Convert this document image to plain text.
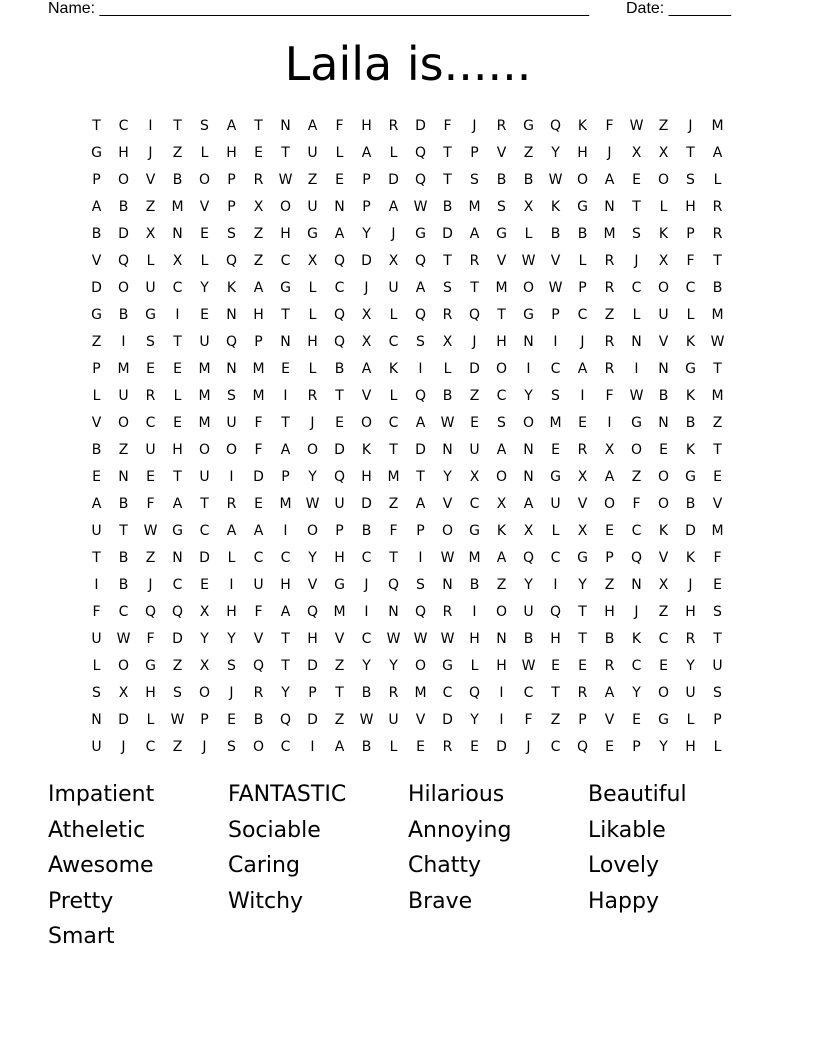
Name: _______________________________________________________ Date: _______
Laila is......
T	C	I	T	S	A	T	N	A	F	H	R	D	F	J	R	G	Q	K	F	W	Z	J	M
G	H	J	Z	L	H	E	T	U	L	A	L	Q	T	P	V	Z	Y	H	J	X	X	T	A
P	O	V	B	O	P	R	W	Z	E	P	D	Q	T	S	B	B	W	O	A	E	O	S	L
A	B	Z	M	V	P	X	O	U	N	P	A	W	B	M	S	X	K	G	N	T	L	H	R
B	D	X	N	E	S	Z	H	G	A	Y	J	G	D	A	G	L	B	B	M	S	K	P	R
V	Q	L	X	L	Q	Z	C	X	Q	D	X	Q	T	R	V	W	V	L	R	J	X	F	T
D	O	U	C	Y	K	A	G	L	C	J	U	A	S	T	M	O	W	P	R	C	O	C	B
G	B	G	I	E	N	H	T	L	Q	X	L	Q	R	Q	T	G	P	C	Z	L	U	L	M
Z	I	S	T	U	Q	P	N	H	Q	X	C	S	X	J	H	N	I	J	R	N	V	K	W
P	M	E	E	M	N	M	E	L	B	A	K	I	L	D	O	I	C	A	R	I	N	G	T
L	U	R	L	M	S	M	I	R	T	V	L	Q	B	Z	C	Y	S	I	F	W	B	K	M
V	O	C	E	M	U	F	T	J	E	O	C	A	W	E	S	O	M	E	I	G	N	B	Z
B	Z	U	H	O	O	F	A	O	D	K	T	D	N	U	A	N	E	R	X	O	E	K	T
E	N	E	T	U	I	D	P	Y	Q	H	M	T	Y	X	O	N	G	X	A	Z	O	G	E
A	B	F	A	T	R	E	M	W	U	D	Z	A	V	C	X	A	U	V	O	F	O	B	V
U	T	W	G	C	A	A	I	O	P	B	F	P	O	G	K	X	L	X	E	C	K	D	M
T	B	Z	N	D	L	C	C	Y	H	C	T	I	W	M	A	Q	C	G	P	Q	V	K	F
I	B	J	C	E	I	U	H	V	G	J	Q	S	N	B	Z	Y	I	Y	Z	N	X	J	E
F	C	Q	Q	X	H	F	A	Q	M	I	N	Q	R	I	O	U	Q	T	H	J	Z	H	S
U	W	F	D	Y	Y	V	T	H	V	C	W W W	H	N	B	H	T	B	K	C	R	T
L	O	G	Z	X	S	Q	T	D	Z	Y	Y	O	G	L	H	W	E	E	R	C	E	Y	U
S	X	H	S	O	J	R	Y	P	T	B	R	M	C	Q	I	C	T	R	A	Y	O	U	S
N	D	L	W	P	E	B	Q	D	Z	W	U	V	D	Y	I	F	Z	P	V	E	G	L	P
U	J	C	Z	J	S	O	C	I	A	B	L	E	R	E	D	J	C	Q	E	P	Y	H	L
Impatient	FANTASTIC	Hilarious	Beautiful
Atheletic	Sociable	Annoying	Likable
Awesome	Caring	Chatty	Lovely
Pretty	Witchy	Brave	Happy
Smart
